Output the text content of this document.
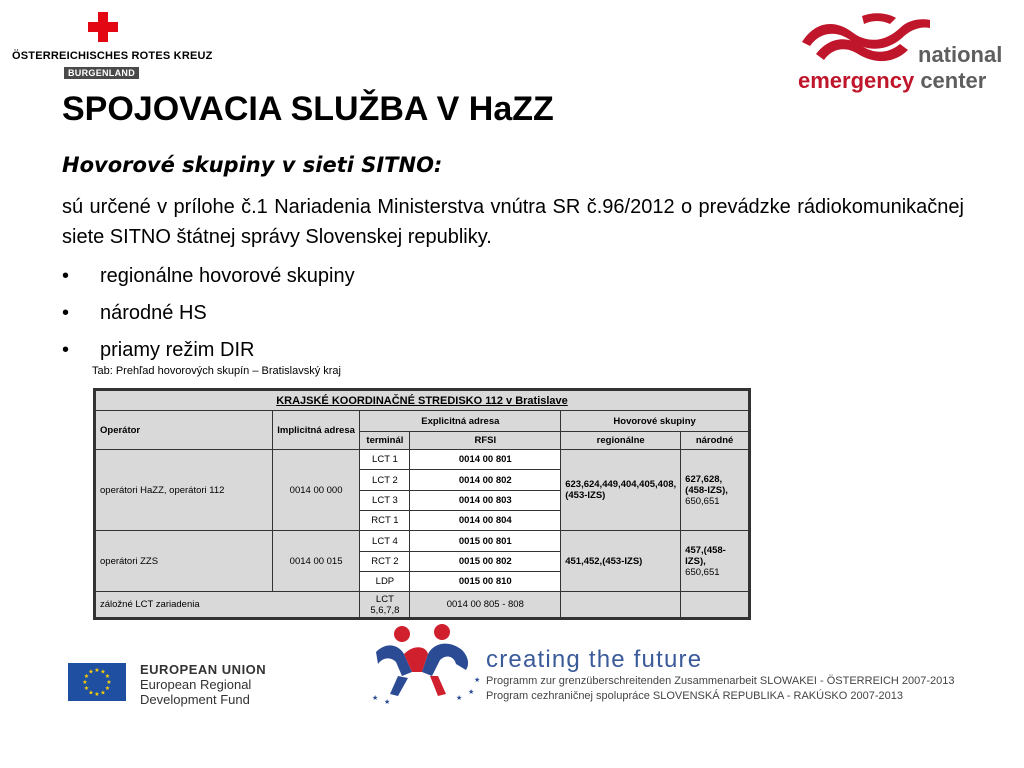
ÖSTERREICHISCHES ROTES KREUZ
BURGENLAND
national
emergency center
SPOJOVACIA SLUŽBA V HaZZ
Hovorové skupiny v sieti SITNO:
sú určené v prílohe č.1 Nariadenia Ministerstva vnútra SR č.96/2012 o prevádzke rádiokomunikačnej siete SITNO štátnej správy Slovenskej republiky.
•	regionálne hovorové skupiny
•	národné HS
•	priamy režim DIR
Tab: Prehľad hovorových skupín – Bratislavský kraj
KRAJSKÉ KOORDINAČNÉ STREDISKO 112 v Bratislave					
Operátor	Implicitná adresa	Explicitná adresa		Hovorové skupiny	
		terminál	RFSI	regionálne	národné
operátori HaZZ, operátori 112	0014 00 000	LCT 1	0014 00 801	623,624,449,404,405,408, (453-IZS)	627,628, (458-IZS),
650,651
		LCT 2	0014 00 802		
		LCT 3	0014 00 803		
		RCT 1	0014 00 804		
operátori ZZS	0014 00 015	LCT 4	0015 00 801	451,452,(453-IZS)	457,(458-IZS),
650,651
		RCT 2	0015 00 802		
		LDP	0015 00 810		
záložné LCT zariadenia		LCT 5,6,7,8	0014 00 805 - 808		
★ ★
★
★
★
★
★
★
★
★
★
★	EUROPEAN UNION
European Regional
Development Fund	★ ★	★
★
★
creating the future
Programm zur grenzüberschreitenden Zusammenarbeit SLOWAKEI - ÖSTERREICH 2007-2013
Program cezhraničnej spolupráce SLOVENSKÁ REPUBLIKA - RAKÚSKO 2007-2013
